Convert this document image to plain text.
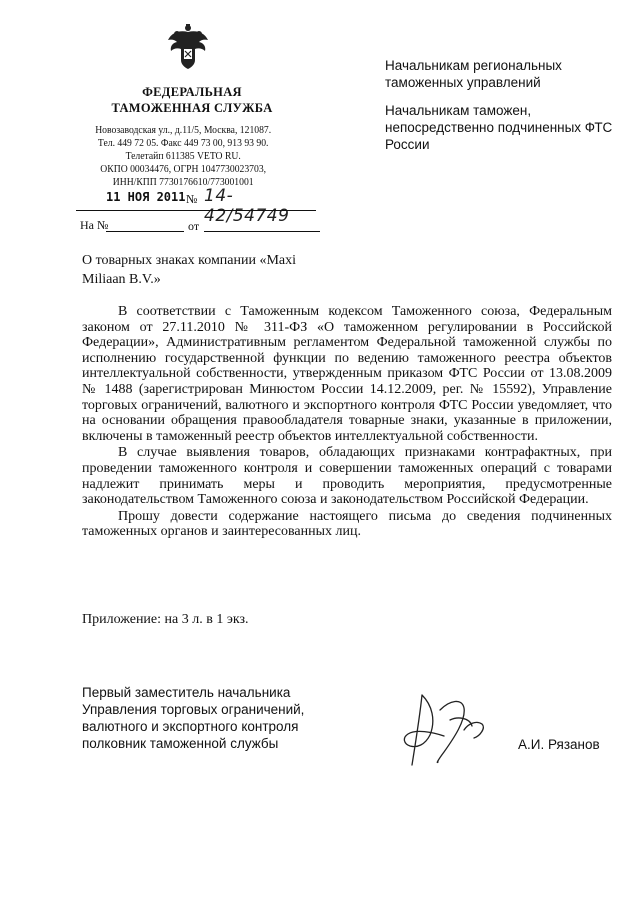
ФЕДЕРАЛЬНАЯ
ТАМОЖЕННАЯ СЛУЖБА
Новозаводская ул., д.11/5, Москва, 121087.
Тел. 449 72 05. Факс 449 73 00, 913 93 90.
Телетайп 611385 VETO RU.
ОКПО 00034476, ОГРН 1047730023703,
ИНН/КПП 7730176610/773001001

Начальникам региональных таможенных управлений

Начальникам таможен, непосредственно подчиненных ФТС России

11 НОЯ 2011 № 14-42/54749
На №	от
О товарных знаках компании «Maxi Miliaan B.V.»

В соответствии с Таможенным кодексом Таможенного союза, Федеральным законом от 27.11.2010 № 311-ФЗ «О таможенном регулировании в Российской Федерации», Административным регламентом Федеральной таможенной службы по исполнению государственной функции по ведению таможенного реестра объектов интеллектуальной собственности, утвержденным приказом ФТС России от 13.08.2009 № 1488 (зарегистрирован Минюстом России 14.12.2009, рег. № 15592), Управление торговых ограничений, валютного и экспортного контроля ФТС России уведомляет, что на основании обращения правообладателя товарные знаки, указанные в приложении, включены в таможенный реестр объектов интеллектуальной собственности.

В случае выявления товаров, обладающих признаками контрафактных, при проведении таможенного контроля и совершении таможенных операций с товарами надлежит принимать меры и проводить мероприятия, предусмотренные законодательством Таможенного союза и законодательством Российской Федерации.

Прошу довести содержание настоящего письма до сведения подчиненных таможенных органов и заинтересованных лиц.

Приложение: на 3 л. в 1 экз.
Первый заместитель начальника
Управления торговых ограничений,
валютного и экспортного контроля
полковник таможенной службы	А.И. Рязанов
